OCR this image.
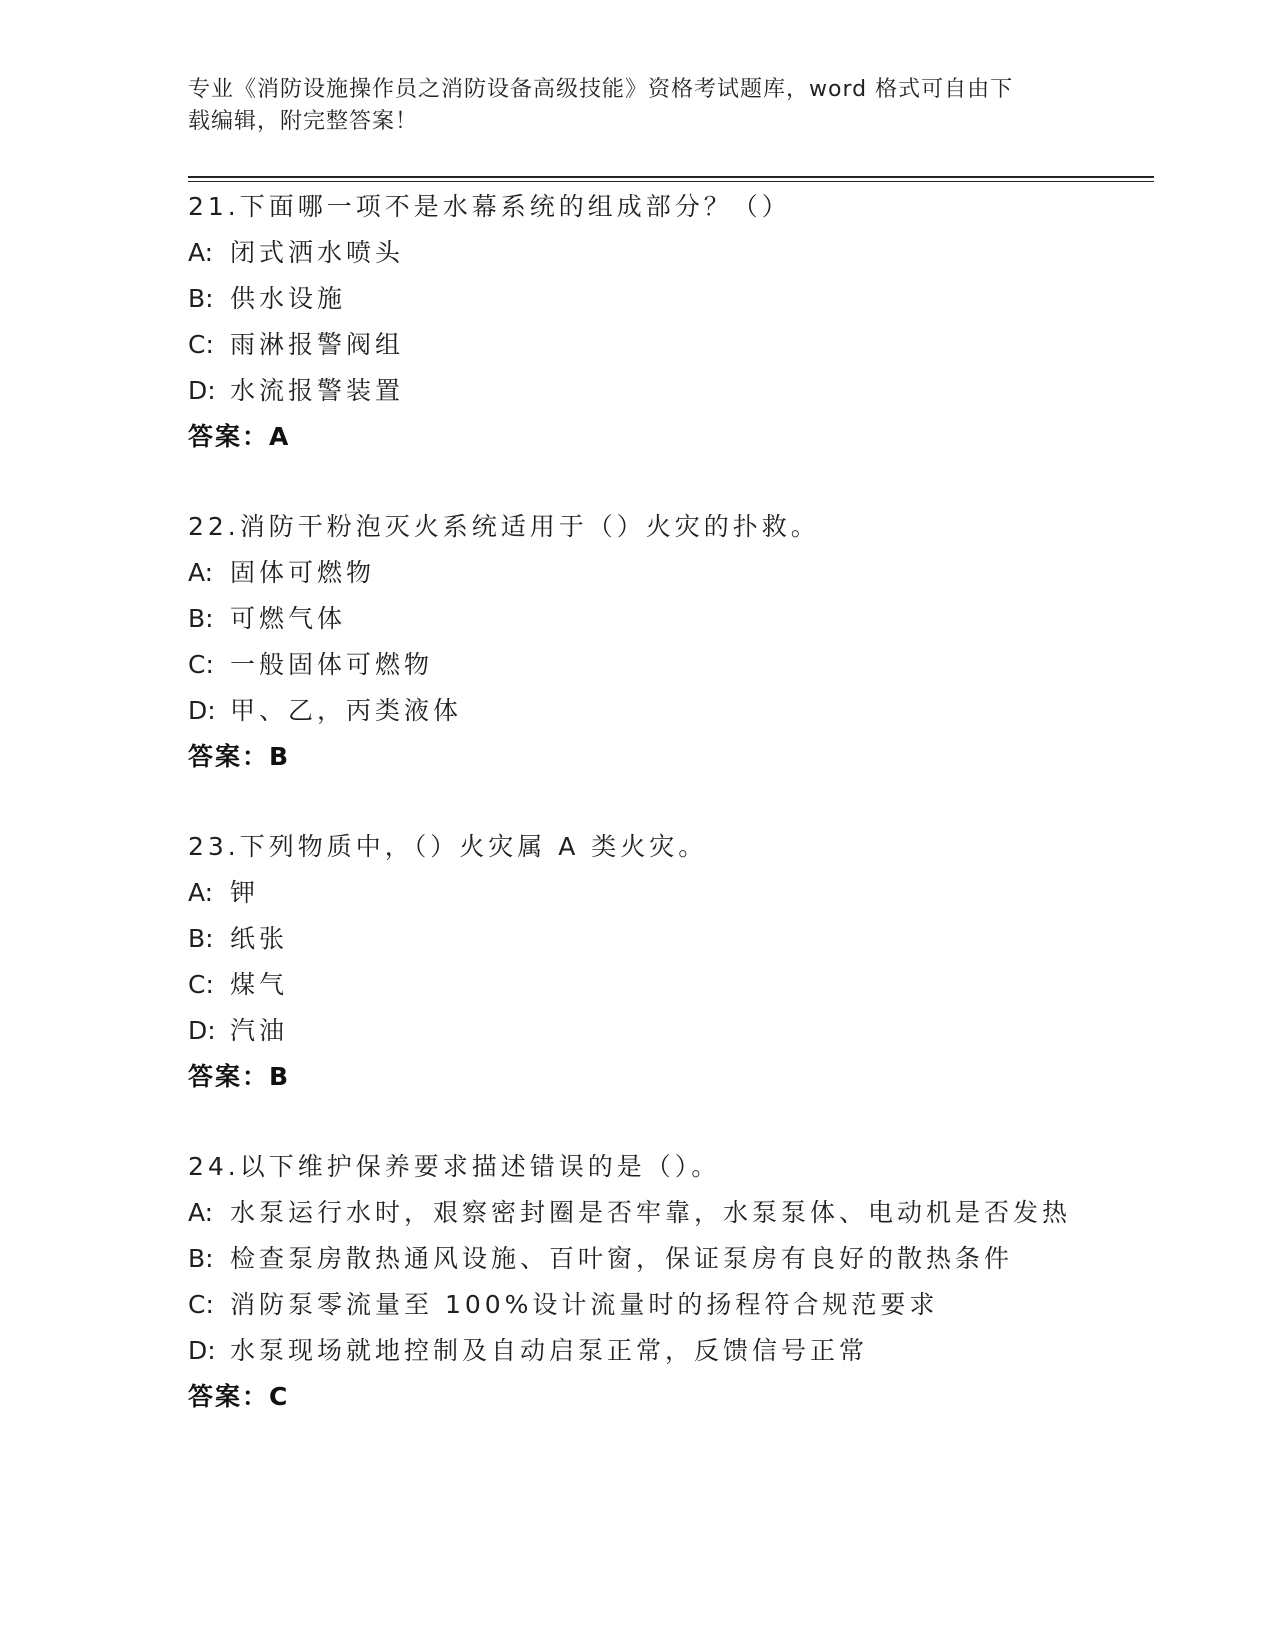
专业《消防设施操作员之消防设备高级技能》资格考试题库，word 格式可自由下
载编辑，附完整答案！
21.下面哪一项不是水幕系统的组成部分？（）
A: 闭式洒水喷头
B: 供水设施
C: 雨淋报警阀组
D: 水流报警装置
答案：A
22.消防干粉泡灭火系统适用于（）火灾的扑救。
A: 固体可燃物
B: 可燃气体
C: 一般固体可燃物
D: 甲、乙，丙类液体
答案：B
23.下列物质中，（）火灾属 A 类火灾。
A: 钾
B: 纸张
C: 煤气
D: 汽油
答案：B
24.以下维护保养要求描述错误的是（）。
A: 水泵运行水时，艰察密封圈是否牢靠，水泵泵体、电动机是否发热
B: 检查泵房散热通风设施、百叶窗，保证泵房有良好的散热条件
C: 消防泵零流量至 100%设计流量时的扬程符合规范要求
D: 水泵现场就地控制及自动启泵正常，反馈信号正常
答案：C
